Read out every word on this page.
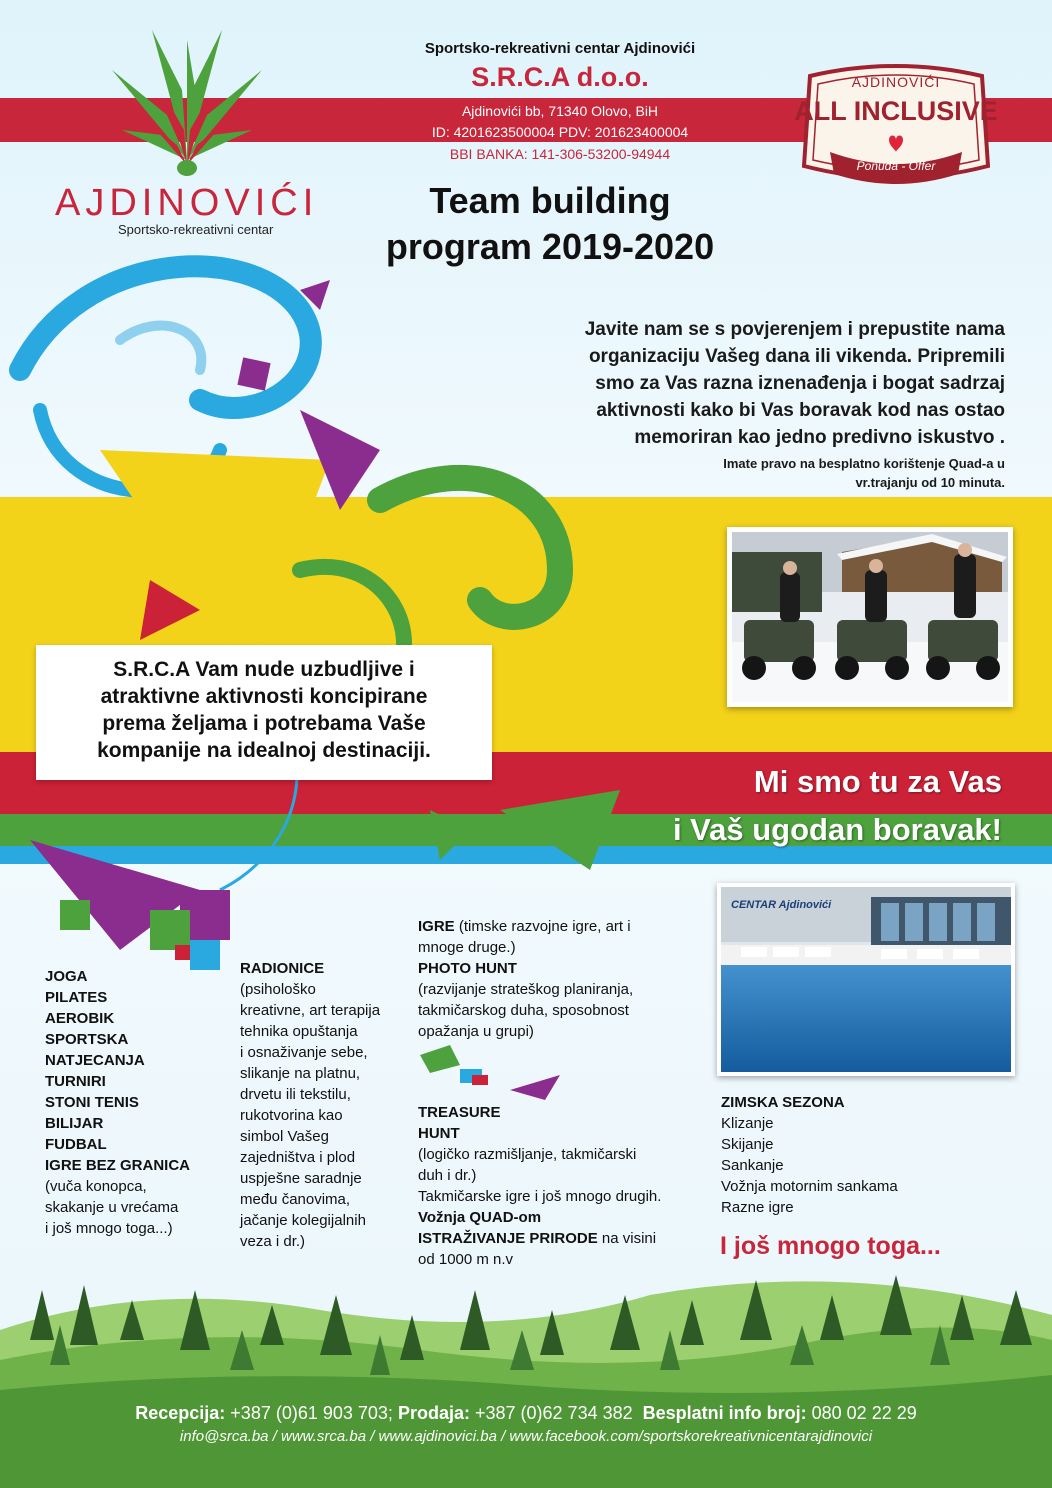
Sportsko-rekreativni centar Ajdinovići
S.R.C.A d.o.o.
Ajdinovići bb, 71340 Olovo, BiH
ID: 4201623500004 PDV: 201623400004
BBI BANKA: 141-306-53200-94944
AJDINOVIĆI
Sportsko-rekreativni centar
AJDINOVIĆI
ALL INCLUSIVE
Ponuda - Offer
Team building
program 2019-2020
Javite nam se s povjerenjem i prepustite nama
organizaciju Vašeg dana ili vikenda. Pripremili
smo za Vas razna iznenađenja i bogat sadrzaj
aktivnosti kako bi Vas boravak kod nas ostao
memoriran kao jedno predivno iskustvo .
Imate pravo na besplatno korištenje Quad-a u
vr.trajanju od 10 minuta.
S.R.C.A Vam nude uzbudljive i
atraktivne aktivnosti koncipirane
prema željama i potrebama Vaše
kompanije na idealnoj destinaciji.
Mi smo tu za Vas
i Vaš ugodan boravak!
CENTAR Ajdinovići
JOGA
PILATES
AEROBIK
SPORTSKA
NATJECANJA
TURNIRI
STONI TENIS
BILIJAR
FUDBAL
IGRE BEZ GRANICA
(vuča konopca,
skakanje u vrećama
i još mnogo toga...)
RADIONICE
(psihološko
kreativne, art terapija
tehnika opuštanja
i osnaživanje sebe,
slikanje na platnu,
drvetu ili tekstilu,
rukotvorina kao
simbol Vašeg
zajedništva i plod
uspješne saradnje
među čanovima,
jačanje kolegijalnih
veza i dr.)
IGRE (timske razvojne igre, art i
mnoge druge.)
PHOTO HUNT
(razvijanje strateškog planiranja,
takmičarskog duha, sposobnost
opažanja u grupi)
TREASURE
HUNT
(logičko razmišljanje, takmičarski
duh i dr.)
Takmičarske igre i još mnogo drugih.
Vožnja QUAD-om
ISTRAŽIVANJE PRIRODE na visini
od 1000 m n.v
ZIMSKA SEZONA
Klizanje
Skijanje
Sankanje
Vožnja motornim sankama
Razne igre
I još mnogo toga...
Recepcija: +387 (0)61 903 703; Prodaja: +387 (0)62 734 382 Besplatni info broj: 080 02 22 29
info@srca.ba / www.srca.ba / www.ajdinovici.ba / www.facebook.com/sportskorekreativnicentarajdinovici
